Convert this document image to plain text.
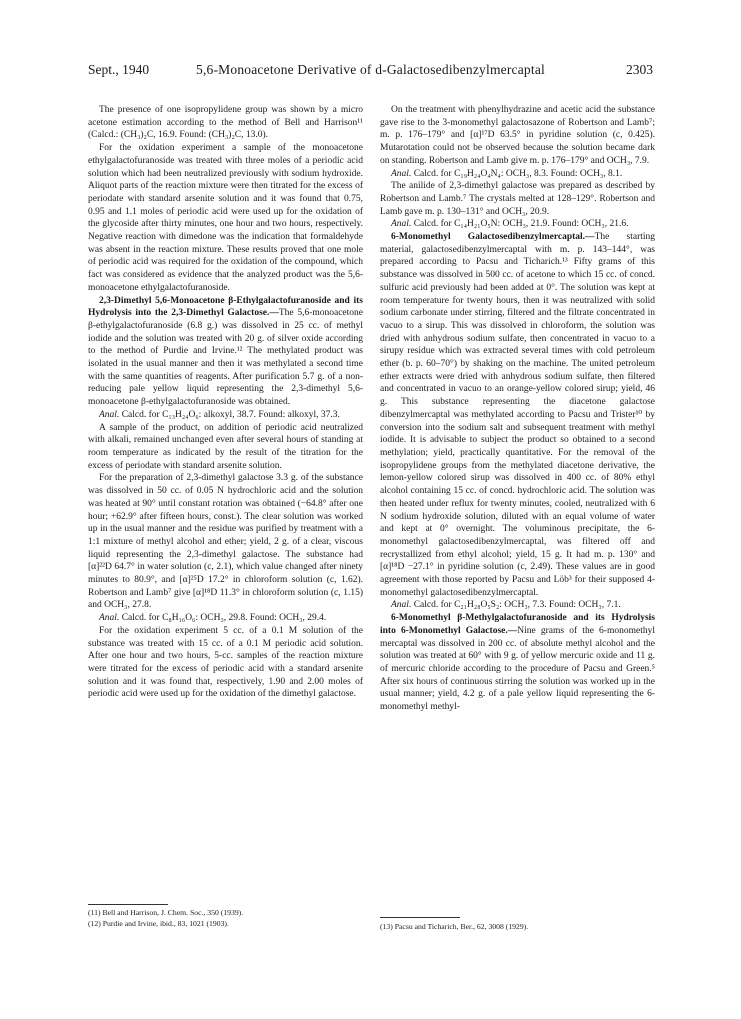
Sept., 1940	5,6-Monoacetone Derivative of d-Galactosedibenzylmercaptal	2303

The presence of one isopropylidene group was shown by a micro acetone estimation according to the method of Bell and Harrison¹¹ (Calcd.: (CH₃)₂C, 16.9. Found: (CH₃)₂C, 13.0).

For the oxidation experiment a sample of the monoacetone ethylgalactofuranoside was treated with three moles of a periodic acid solution which had been neutralized previously with sodium hydroxide. Aliquot parts of the reaction mixture were then titrated for the excess of periodate with standard arsenite solution and it was found that 0.75, 0.95 and 1.1 moles of periodic acid were used up for the oxidation of the glycoside after thirty minutes, one hour and two hours, respectively. Negative reaction with dimedone was the indication that formaldehyde was absent in the reaction mixture. These results proved that one mole of periodic acid was required for the oxidation of the compound, which fact was considered as evidence that the analyzed product was the 5,6-monoacetone ethylgalactofuranoside.

2,3-Dimethyl 5,6-Monoacetone β-Ethylgalactofuranoside and its Hydrolysis into the 2,3-Dimethyl Galactose.—The 5,6-monoacetone β-ethylgalactofuranoside (6.8 g.) was dissolved in 25 cc. of methyl iodide and the solution was treated with 20 g. of silver oxide according to the method of Purdie and Irvine.¹² The methylated product was isolated in the usual manner and then it was methylated a second time with the same quantities of reagents. After purification 5.7 g. of a non-reducing pale yellow liquid representing the 2,3-dimethyl 5,6-monoacetone β-ethylgalactofuranoside was obtained.

Anal. Calcd. for C₁₃H₂₄O₆: alkoxyl, 38.7. Found: alkoxyl, 37.3.

A sample of the product, on addition of periodic acid neutralized with alkali, remained unchanged even after several hours of standing at room temperature as indicated by the result of the titration for the excess of periodate with standard arsenite solution.

For the preparation of 2,3-dimethyl galactose 3.3 g. of the substance was dissolved in 50 cc. of 0.05 N hydrochloric acid and the solution was heated at 90° until constant rotation was obtained (−64.8° after one hour; +62.9° after fifteen hours, const.). The clear solution was worked up in the usual manner and the residue was purified by treatment with a 1:1 mixture of methyl alcohol and ether; yield, 2 g. of a clear, viscous liquid representing the 2,3-dimethyl galactose. The substance had [α]²²D 64.7° in water solution (c, 2.1), which value changed after ninety minutes to 80.9°, and [α]²⁵D 17.2° in chloroform solution (c, 1.62). Robertson and Lamb⁷ give [α]¹⁸D 11.3° in chloroform solution (c, 1.15) and OCH₃, 27.8.

Anal. Calcd. for C₈H₁₆O₆: OCH₃, 29.8. Found: OCH₃, 29.4.

For the oxidation experiment 5 cc. of a 0.1 M solution of the substance was treated with 15 cc. of a 0.1 M periodic acid solution. After one hour and two hours, 5-cc. samples of the reaction mixture were titrated for the excess of periodic acid with a standard arsenite solution and it was found that, respectively, 1.90 and 2.00 moles of periodic acid were used up for the oxidation of the dimethyl galactose.

On the treatment with phenylhydrazine and acetic acid the substance gave rise to the 3-monomethyl galactosazone of Robertson and Lamb⁷; m. p. 176–179° and [α]¹⁷D 63.5° in pyridine solution (c, 0.425). Mutarotation could not be observed because the solution became dark on standing. Robertson and Lamb give m. p. 176–179° and OCH₃, 7.9.

Anal. Calcd. for C₁₉H₂₄O₄N₄: OCH₃, 8.3. Found: OCH₃, 8.1.

The anilide of 2,3-dimethyl galactose was prepared as described by Robertson and Lamb.⁷ The crystals melted at 128–129°. Robertson and Lamb gave m. p. 130–131° and OCH₃, 20.9.

Anal. Calcd. for C₁₄H₂₁O₅N: OCH₃, 21.9. Found: OCH₃, 21.6.

6-Monomethyl Galactosedibenzylmercaptal.—The starting material, galactosedibenzylmercaptal with m. p. 143–144°, was prepared according to Pacsu and Ticharich.¹³ Fifty grams of this substance was dissolved in 500 cc. of acetone to which 15 cc. of concd. sulfuric acid previously had been added at 0°. The solution was kept at room temperature for twenty hours, then it was neutralized with solid sodium carbonate under stirring, filtered and the filtrate concentrated in vacuo to a sirup. This was dissolved in chloroform, the solution was dried with anhydrous sodium sulfate, then concentrated in vacuo to a sirupy residue which was extracted several times with cold petroleum ether (b. p. 60–70°) by shaking on the machine. The united petroleum ether extracts were dried with anhydrous sodium sulfate, then filtered and concentrated in vacuo to an orange-yellow colored sirup; yield, 46 g. This substance representing the diacetone galactose dibenzylmercaptal was methylated according to Pacsu and Trister¹⁰ by conversion into the sodium salt and subsequent treatment with methyl iodide. It is advisable to subject the product so obtained to a second methylation; yield, practically quantitative. For the removal of the isopropylidene groups from the methylated diacetone derivative, the lemon-yellow colored sirup was dissolved in 400 cc. of 80% ethyl alcohol containing 15 cc. of concd. hydrochloric acid. The solution was then heated under reflux for twenty minutes, cooled, neutralized with 6 N sodium hydroxide solution, diluted with an equal volume of water and kept at 0° overnight. The voluminous precipitate, the 6-monomethyl galactosedibenzylmercaptal, was filtered off and recrystallized from ethyl alcohol; yield, 15 g. It had m. p. 130° and [α]¹⁸D −27.1° in pyridine solution (c, 2.49). These values are in good agreement with those reported by Pacsu and Löb³ for their supposed 4-monomethyl galactosedibenzylmercaptal.

Anal. Calcd. for C₂₁H₂₈O₅S₂: OCH₃, 7.3. Found: OCH₃, 7.1.

6-Monomethyl β-Methylgalactofuranoside and its Hydrolysis into 6-Monomethyl Galactose.—Nine grams of the 6-monomethyl mercaptal was dissolved in 200 cc. of absolute methyl alcohol and the solution was treated at 60° with 9 g. of yellow mercuric oxide and 11 g. of mercuric chloride according to the procedure of Pacsu and Green.⁵ After six hours of continuous stirring the solution was worked up in the usual manner; yield, 4.2 g. of a pale yellow liquid representing the 6-monomethyl methyl-

(11) Bell and Harrison, J. Chem. Soc., 350 (1939).
(12) Purdie and Irvine, ibid., 83, 1021 (1903).	(13) Pacsu and Ticharich, Ber., 62, 3008 (1929).
